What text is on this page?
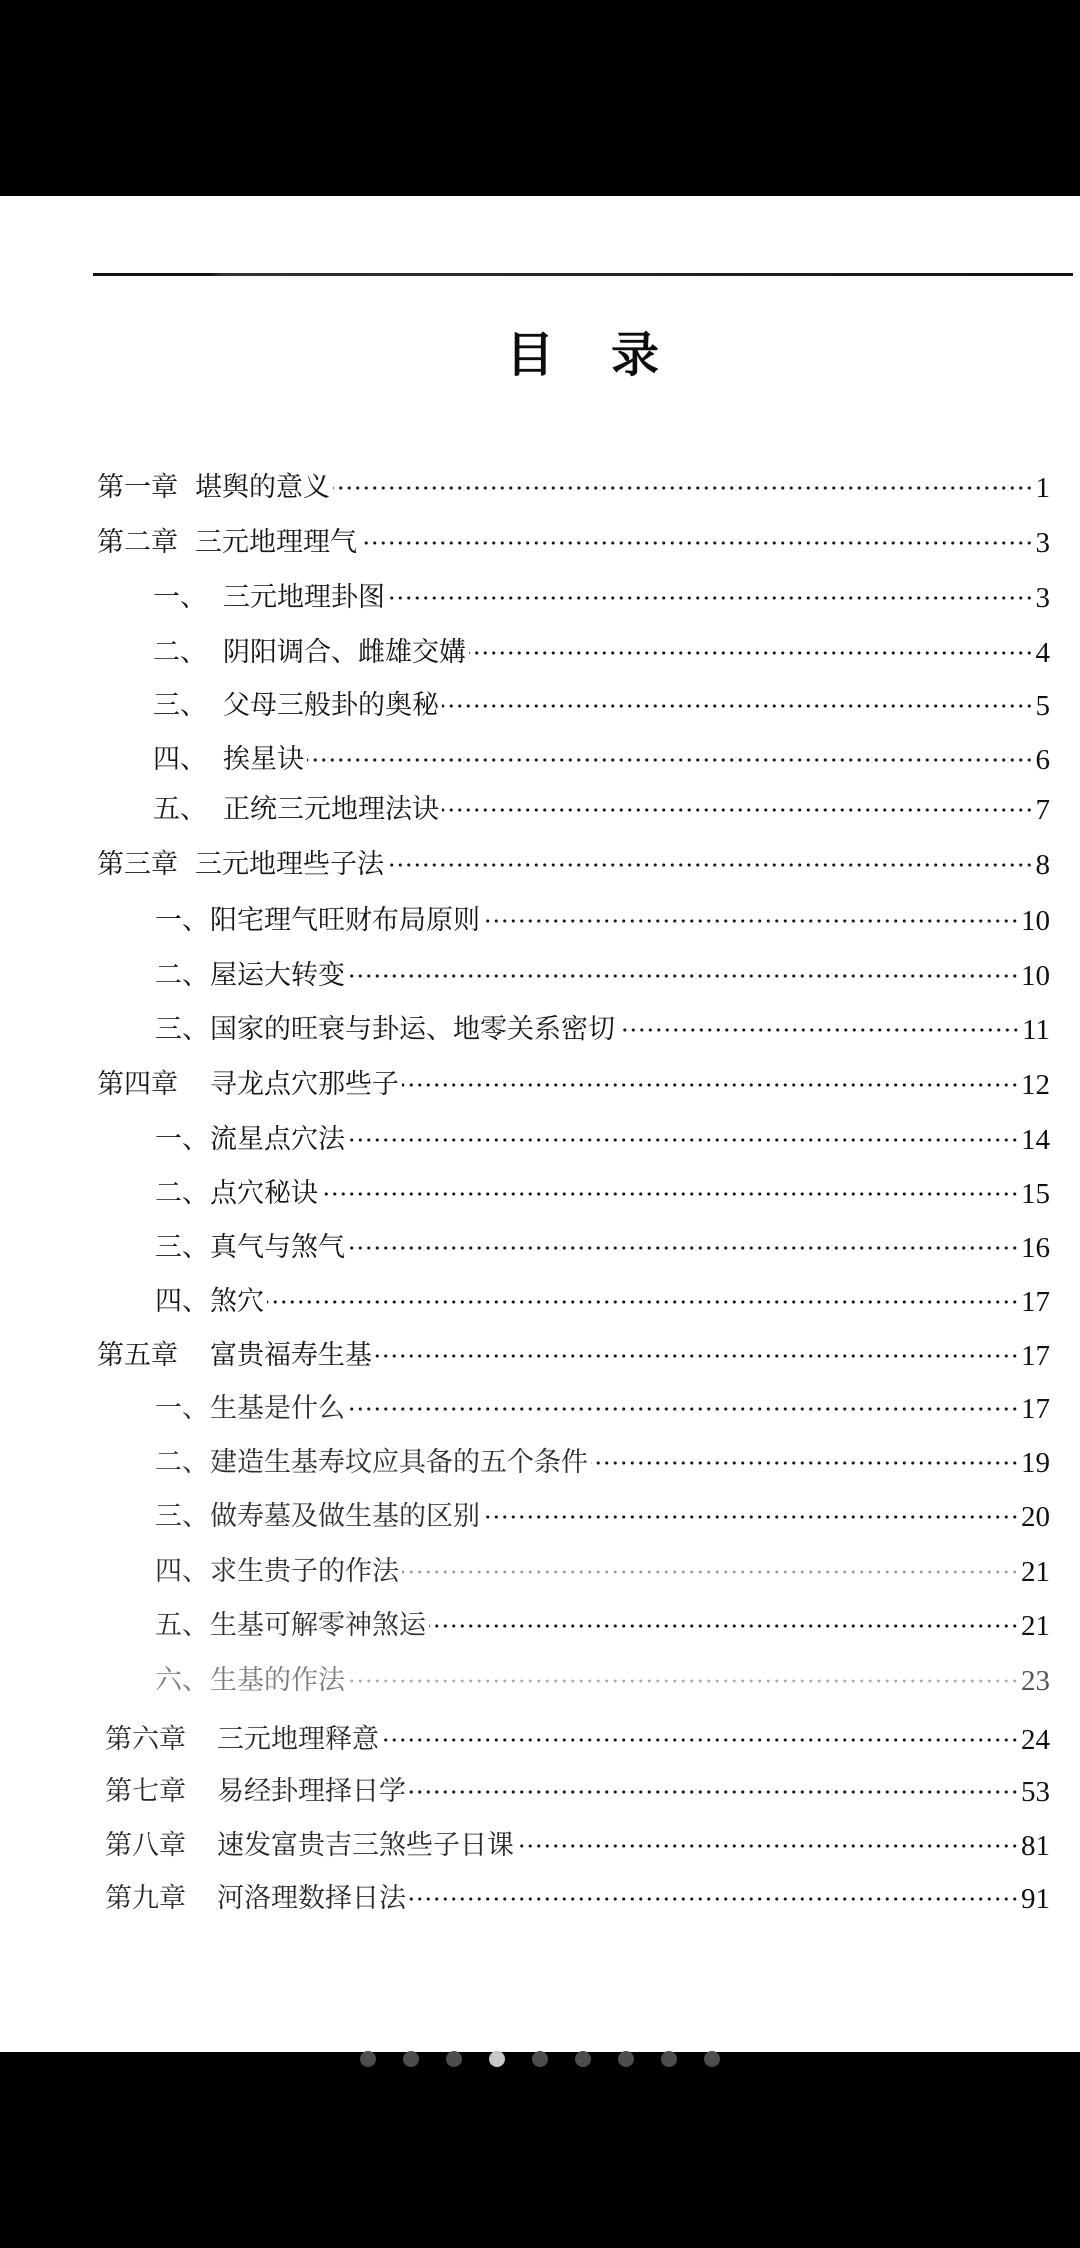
目 录
第一章 堪舆的意义	1
第二章 三元地理理气	3
一、 三元地理卦图	3
二、 阴阳调合、雌雄交媾	4
三、 父母三般卦的奥秘	5
四、 挨星诀	6
五、 正统三元地理法诀	7
第三章 三元地理些子法	8
一、 阳宅理气旺财布局原则	10
二、 屋运大转变	10
三、 国家的旺衰与卦运、地零关系密切	11
第四章 寻龙点穴那些子	12
一、 流星点穴法	14
二、 点穴秘诀	15
三、 真气与煞气	16
四、 煞穴	17
第五章 富贵福寿生基	17
一、 生基是什么	17
二、 建造生基寿坟应具备的五个条件	19
三、 做寿墓及做生基的区别	20
四、 求生贵子的作法	21
五、 生基可解零神煞运	21
六、 生基的作法	23
第六章 三元地理释意	24
第七章 易经卦理择日学	53
第八章 速发富贵吉三煞些子日课	81
第九章 河洛理数择日法	91
